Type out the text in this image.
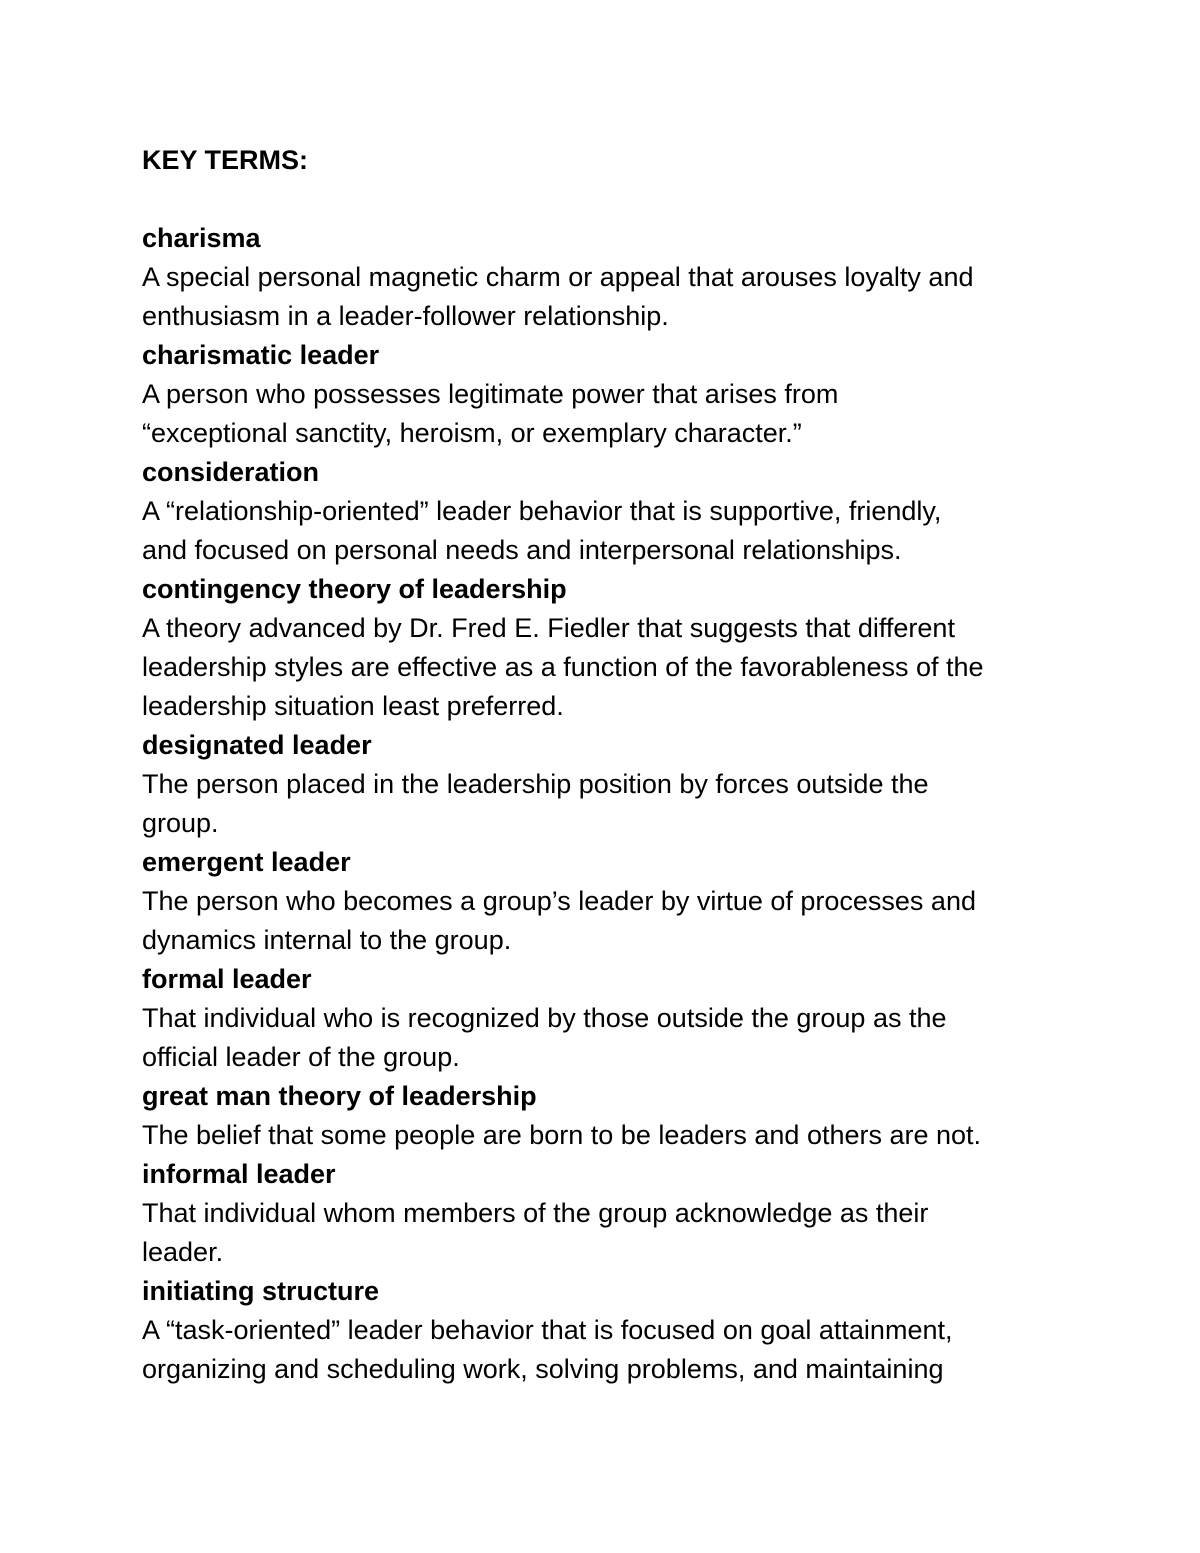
KEY TERMS:

charisma

A special personal magnetic charm or appeal that arouses loyalty and
enthusiasm in a leader-follower relationship.

charismatic leader

A person who possesses legitimate power that arises from
“exceptional sanctity, heroism, or exemplary character.”

consideration

A “relationship-oriented” leader behavior that is supportive, friendly,
and focused on personal needs and interpersonal relationships.

contingency theory of leadership

A theory advanced by Dr. Fred E. Fiedler that suggests that different
leadership styles are effective as a function of the favorableness of the
leadership situation least preferred.

designated leader

The person placed in the leadership position by forces outside the
group.

emergent leader

The person who becomes a group’s leader by virtue of processes and
dynamics internal to the group.

formal leader

That individual who is recognized by those outside the group as the
official leader of the group.

great man theory of leadership

The belief that some people are born to be leaders and others are not.

informal leader

That individual whom members of the group acknowledge as their
leader.

initiating structure

A “task-oriented” leader behavior that is focused on goal attainment,
organizing and scheduling work, solving problems, and maintaining
